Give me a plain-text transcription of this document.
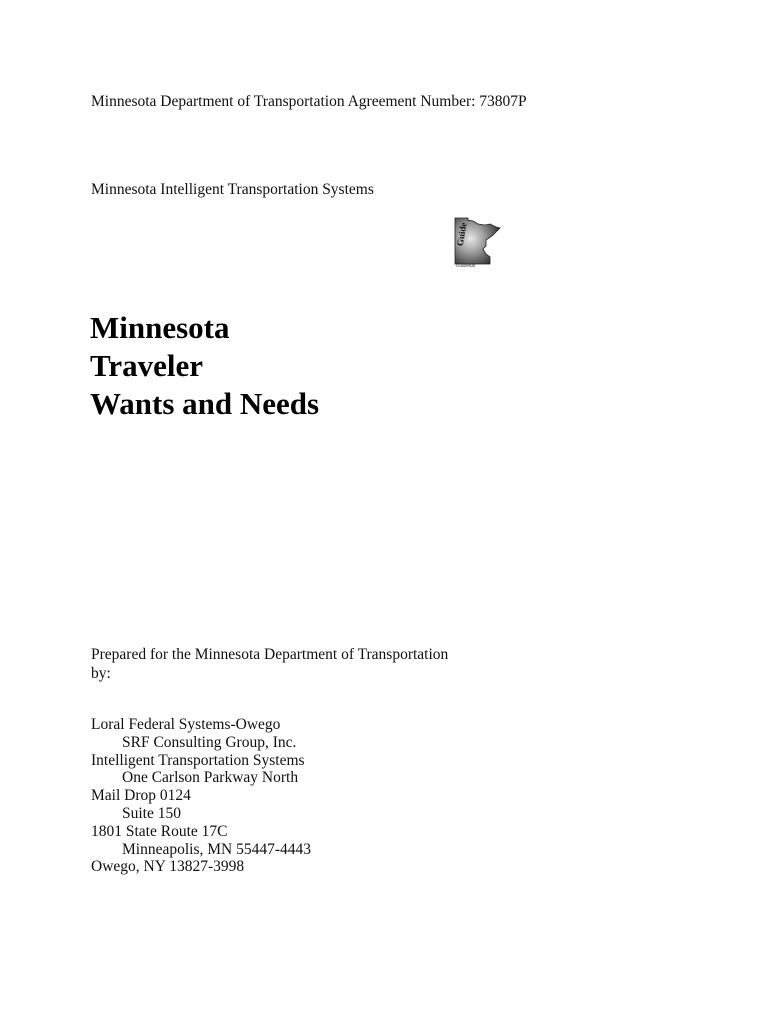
Minnesota Department of Transportation Agreement Number: 73807P
Minnesota Intelligent Transportation Systems
Guide
Guidestar
Minnesota
Traveler
Wants and Needs
Prepared for the Minnesota Department of Transportation
by:
Loral Federal Systems-Owego
SRF Consulting Group, Inc.
Intelligent Transportation Systems
One Carlson Parkway North
Mail Drop 0124
Suite 150
1801 State Route 17C
Minneapolis, MN 55447-4443
Owego, NY 13827-3998
